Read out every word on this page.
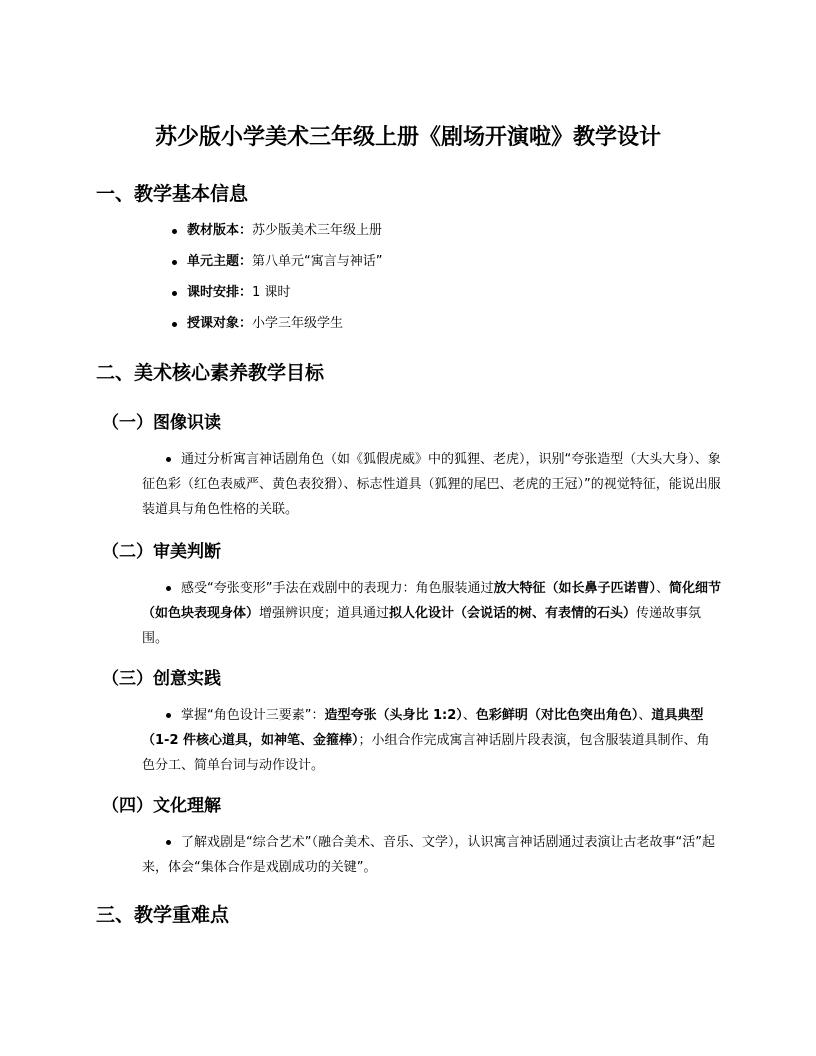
苏少版小学美术三年级上册《剧场开演啦》教学设计
一、教学基本信息
教材版本：苏少版美术三年级上册
单元主题：第八单元“寓言与神话”
课时安排：1 课时
授课对象：小学三年级学生
二、美术核心素养教学目标
（一）图像识读

通过分析寓言神话剧角色（如《狐假虎威》中的狐狸、老虎），识别“夸张造型（大头大身）、象征色彩（红色表威严、黄色表狡猾）、标志性道具（狐狸的尾巴、老虎的王冠）”的视觉特征，能说出服装道具与角色性格的关联。

（二）审美判断

感受“夸张变形”手法在戏剧中的表现力：角色服装通过放大特征（如长鼻子匹诺曹）、简化细节（如色块表现身体）增强辨识度；道具通过拟人化设计（会说话的树、有表情的石头）传递故事氛围。

（三）创意实践

掌握“角色设计三要素”：造型夸张（头身比 1:2）、色彩鲜明（对比色突出角色）、道具典型（1-2 件核心道具，如神笔、金箍棒）；小组合作完成寓言神话剧片段表演，包含服装道具制作、角色分工、简单台词与动作设计。

（四）文化理解

了解戏剧是“综合艺术”（融合美术、音乐、文学），认识寓言神话剧通过表演让古老故事“活”起来，体会“集体合作是戏剧成功的关键”。

三、教学重难点
